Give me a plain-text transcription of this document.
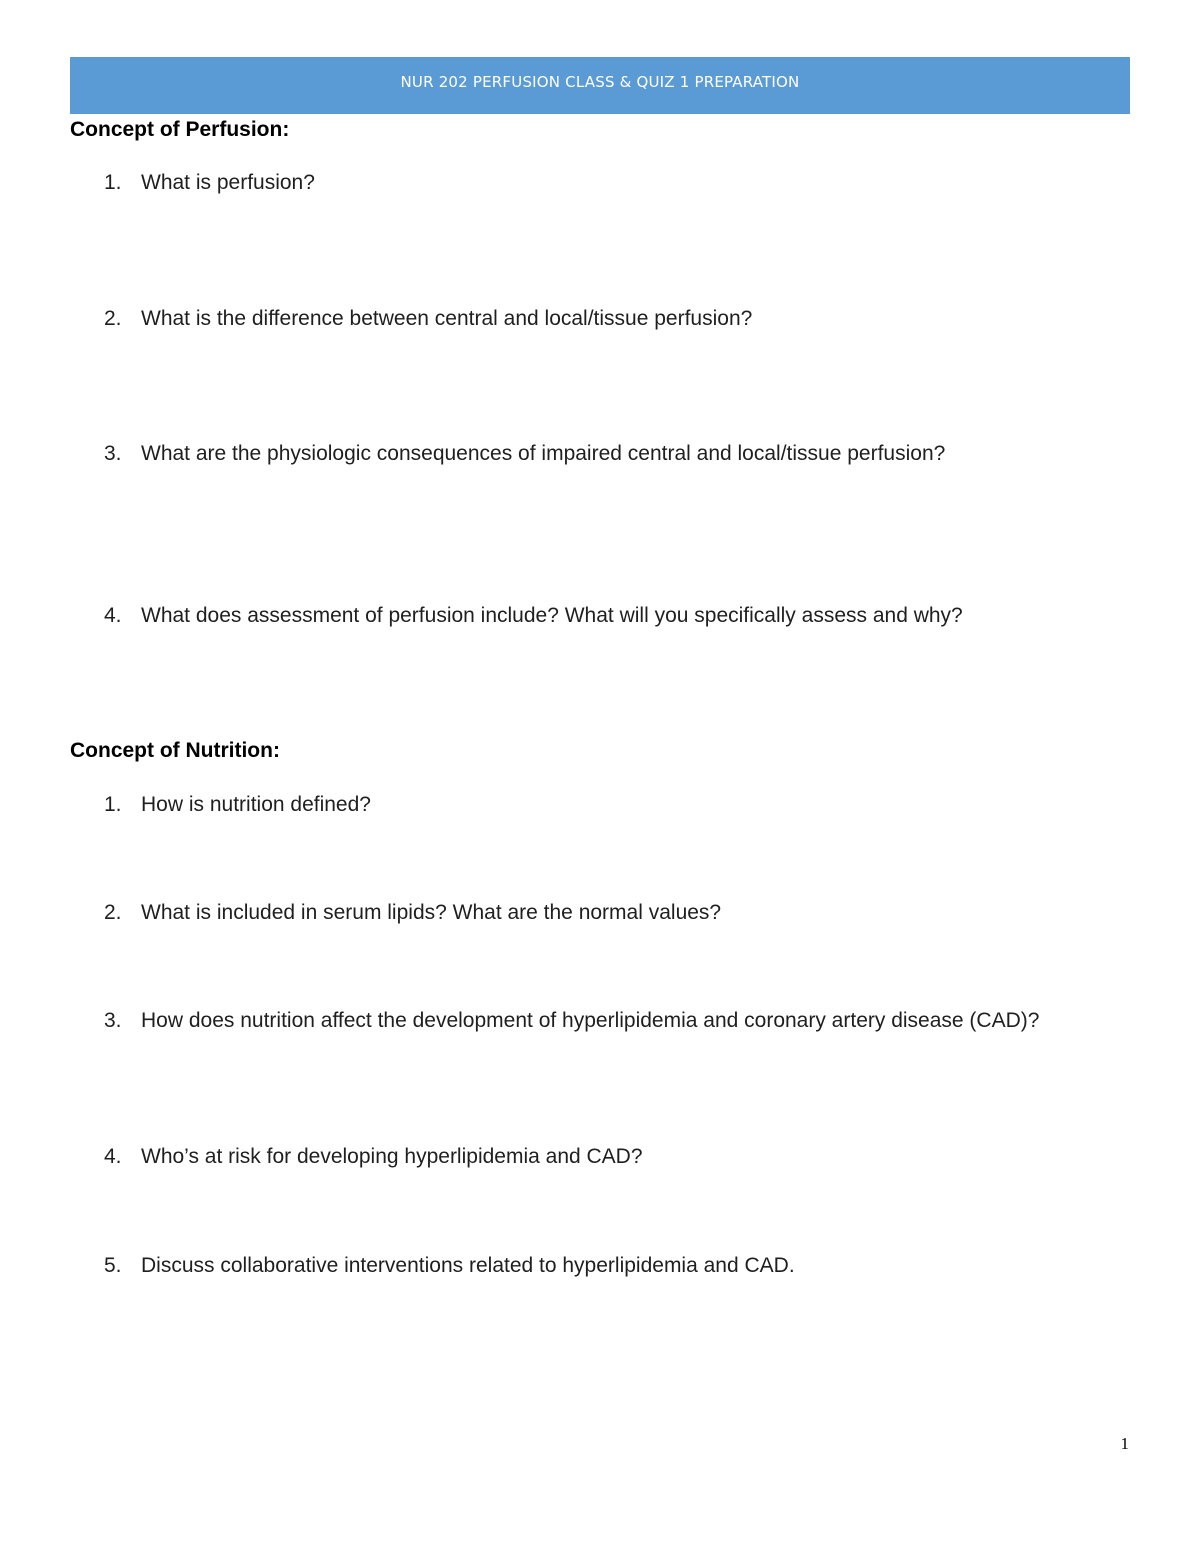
NUR 202 PERFUSION CLASS & QUIZ 1 PREPARATION
Concept of Perfusion:
1. What is perfusion?
2. What is the difference between central and local/tissue perfusion?
3. What are the physiologic consequences of impaired central and local/tissue perfusion?
4. What does assessment of perfusion include? What will you specifically assess and why?
Concept of Nutrition:
1. How is nutrition defined?
2. What is included in serum lipids? What are the normal values?
3. How does nutrition affect the development of hyperlipidemia and coronary artery disease (CAD)?
4. Who’s at risk for developing hyperlipidemia and CAD?
5. Discuss collaborative interventions related to hyperlipidemia and CAD.
1
